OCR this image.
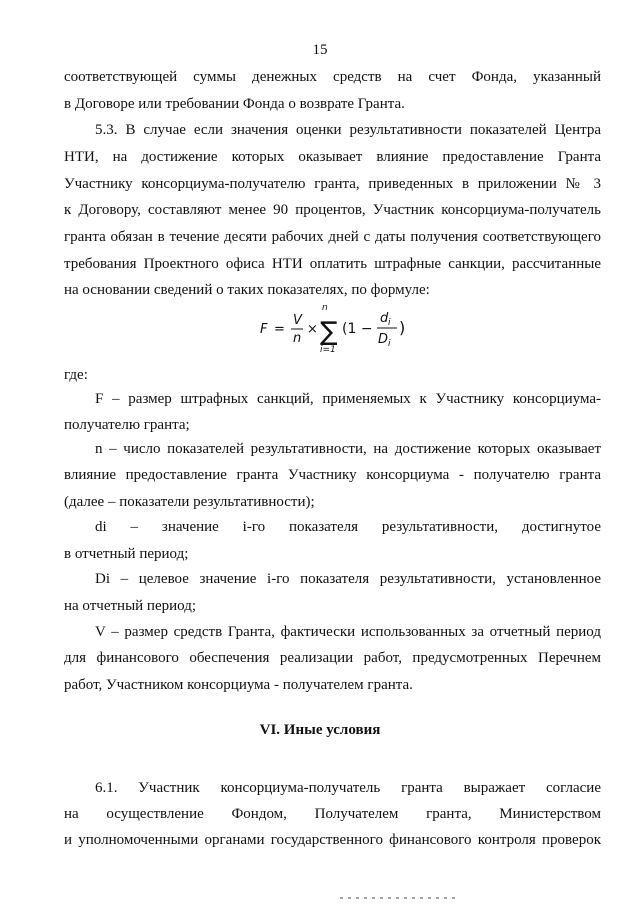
15
соответствующей суммы денежных средств на счет Фонда, указанный
в Договоре или требовании Фонда о возврате Гранта.
5.3. В случае если значения оценки результативности показателей Центра
НТИ, на достижение которых оказывает влияние предоставление Гранта
Участнику консорциума-получателю гранта, приведенных в приложении № 3
к Договору, составляют менее 90 процентов, Участник консорциума-получатель
гранта обязан в течение десяти рабочих дней с даты получения соответствующего
требования Проектного офиса НТИ оплатить штрафные санкции, рассчитанные
на основании сведений о таких показателях, по формуле:
F =
V
n
×
n
∑
i=1
(1 −
d i
D i
)
где:
F – размер штрафных санкций, применяемых к Участнику консорциума-
получателю гранта;
n – число показателей результативности, на достижение которых оказывает
влияние предоставление гранта Участнику консорциума - получателю гранта
(далее – показатели результативности);
di – значение i-го показателя результативности, достигнутое
в отчетный период;
Di – целевое значение i-го показателя результативности, установленное
на отчетный период;
V – размер средств Гранта, фактически использованных за отчетный период
для финансового обеспечения реализации работ, предусмотренных Перечнем
работ, Участником консорциума - получателем гранта.
VI. Иные условия
6.1. Участник консорциума-получатель гранта выражает согласие
на осуществление Фондом, Получателем гранта, Министерством
и уполномоченными органами государственного финансового контроля проверок
